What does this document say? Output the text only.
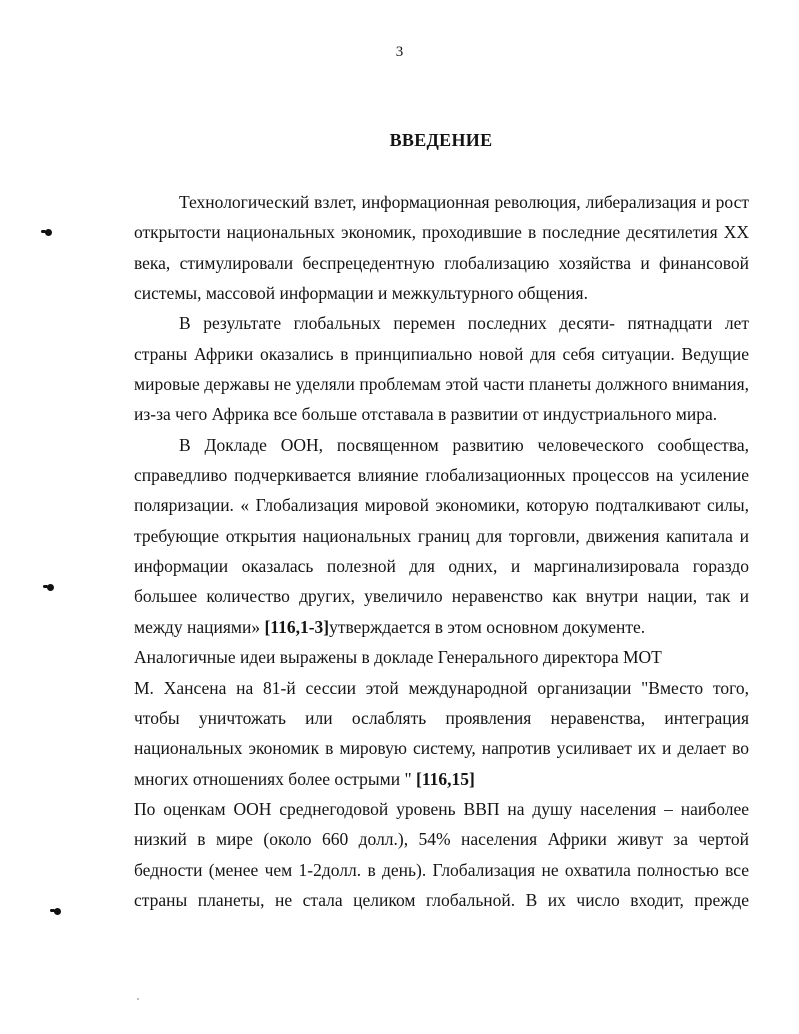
3
ВВЕДЕНИЕ

Технологический взлет, информационная революция, либерализация и рост открытости национальных экономик, проходившие в последние десятилетия XX века, стимулировали беспрецедентную глобализацию хозяйства и финансовой системы, массовой информации и межкультурного общения.

В результате глобальных перемен последних десяти- пятнадцати лет страны Африки оказались в принципиально новой для себя ситуации. Ведущие мировые державы не уделяли проблемам этой части планеты должного внимания, из-за чего Африка все больше отставала в развитии от индустриального мира.

В Докладе ООН, посвященном развитию человеческого сообщества, справедливо подчеркивается влияние глобализационных процессов на усиление поляризации. « Глобализация мировой экономики, которую подталкивают силы, требующие открытия национальных границ для торговли, движения капитала и информации оказалась полезной для одних, и маргинализировала гораздо большее количество других, увеличило неравенство как внутри нации, так и между нациями» [116,1-3]утверждается в этом основном документе.

Аналогичные идеи выражены в докладе Генерального директора МОТ

М. Хансена на 81-й сессии этой международной организации "Вместо того, чтобы уничтожать или ослаблять проявления неравенства, интеграция национальных экономик в мировую систему, напротив усиливает их и делает во многих отношениях более острыми " [116,15]

По оценкам ООН среднегодовой уровень ВВП на душу населения – наиболее низкий в мире (около 660 долл.), 54% населения Африки живут за чертой бедности (менее чем 1-2долл. в день). Глобализация не охватила полностью все страны планеты, не стала целиком глобальной. В их число входит, прежде
